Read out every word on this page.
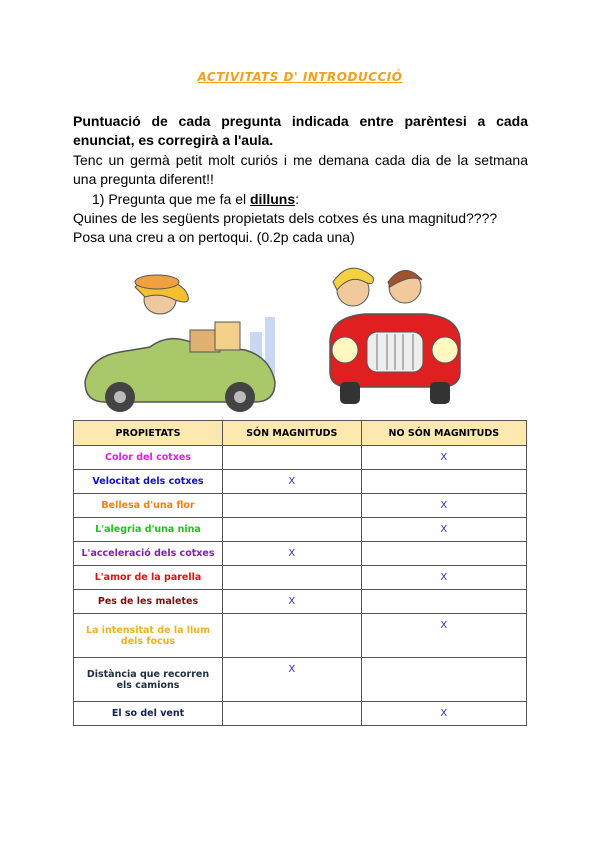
ACTIVITATS D' INTRODUCCIÓ
Puntuació de cada pregunta indicada entre parèntesi a cada enunciat, es corregirà a l'aula.
Tenc un germà petit molt curiós i me demana cada dia de la setmana una pregunta diferent!!
1) Pregunta que me fa el dilluns:
Quines de les següents propietats dels cotxes és una magnitud????
Posa una creu a on pertoqui. (0.2p cada una)
PROPIETATS	SÓN MAGNITUDS	NO SÓN MAGNITUDS
Color del cotxes		X
Velocitat dels cotxes	X	
Bellesa d'una flor		X
L'alegria d'una nina		X
L'acceleració dels cotxes	X	
L'amor de la parella		X
Pes de les maletes	X	
La intensitat de la llum dels focus		X
Distància que recorren els camions	X	
El so del vent		X
